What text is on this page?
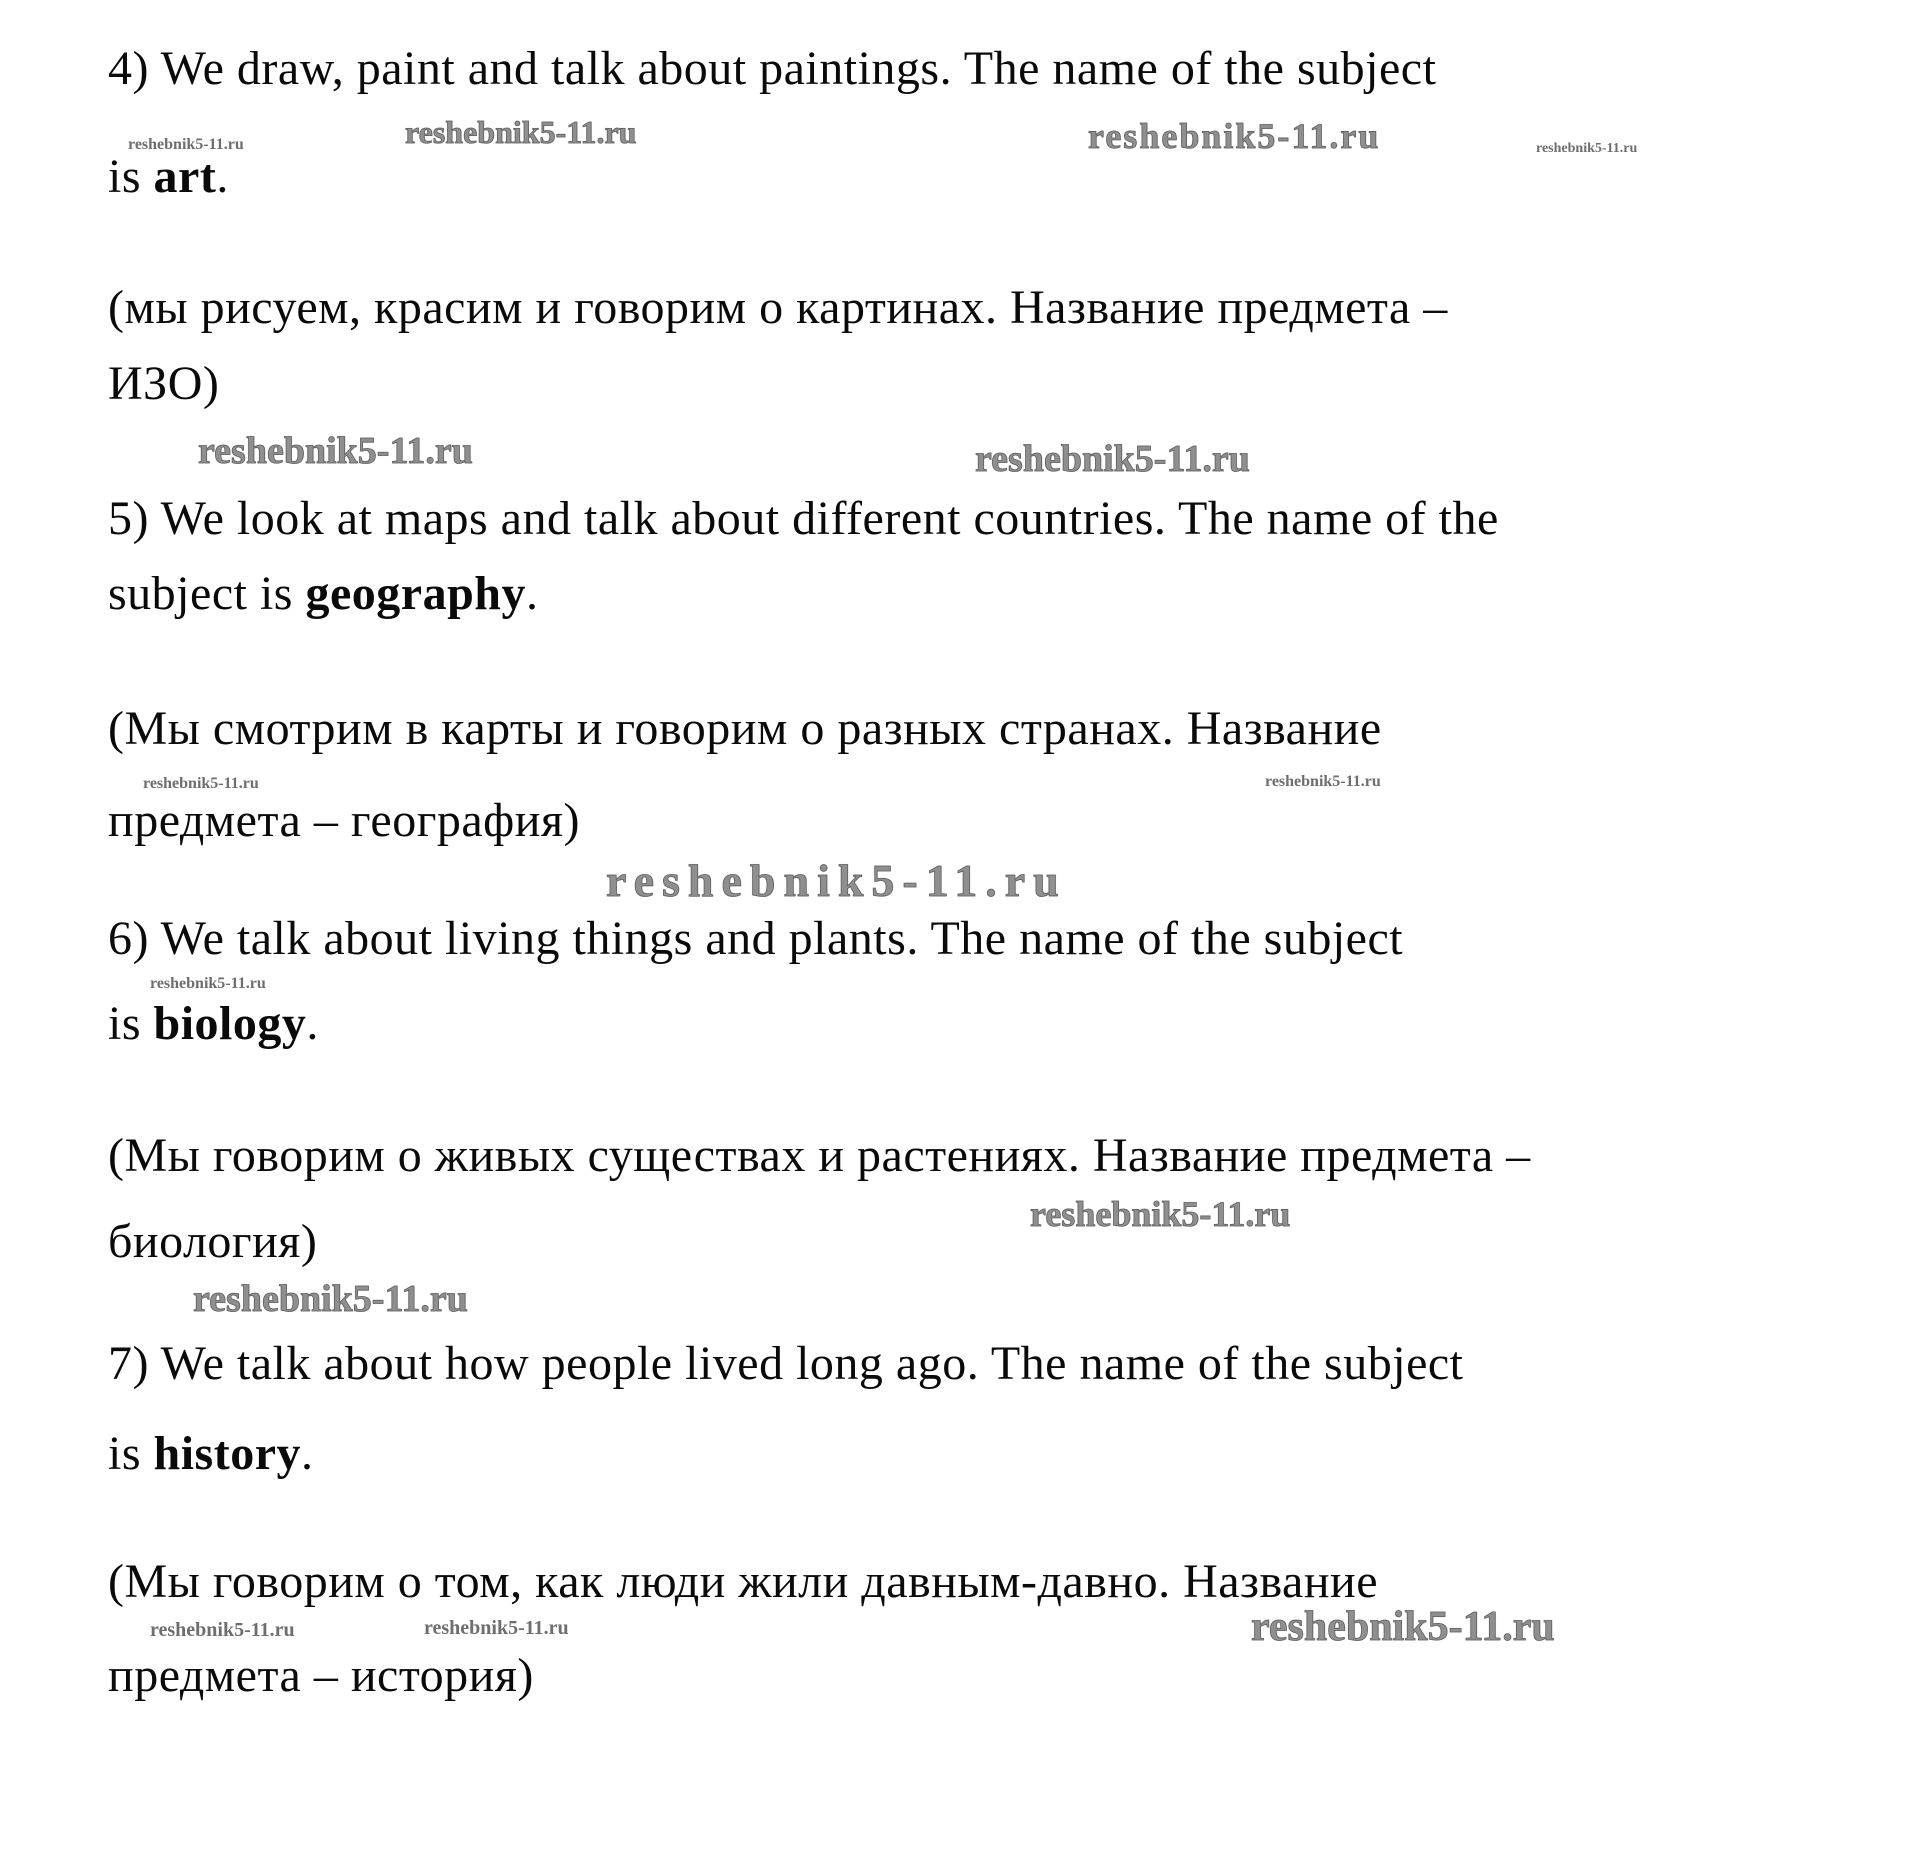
4) We draw, paint and talk about paintings. The name of the subject
is art.
(мы рисуем, красим и говорим о картинах. Название предмета –
ИЗО)
5) We look at maps and talk about different countries. The name of the
subject is geography.
(Мы смотрим в карты и говорим о разных странах. Название
предмета – география)
6) We talk about living things and plants. The name of the subject
is biology.
(Мы говорим о живых существах и растениях. Название предмета –
биология)
7) We talk about how people lived long ago. The name of the subject
is history.
(Мы говорим о том, как люди жили давным-давно. Название
предмета – история)
reshebnik5-11.ru	reshebnik5-11.ru	reshebnik5-11.ru	reshebnik5-11.ru
reshebnik5-11.ru	reshebnik5-11.ru
reshebnik5-11.ru	reshebnik5-11.ru
reshebnik5-11.ru
reshebnik5-11.ru
reshebnik5-11.ru
reshebnik5-11.ru
reshebnik5-11.ru	reshebnik5-11.ru	reshebnik5-11.ru
